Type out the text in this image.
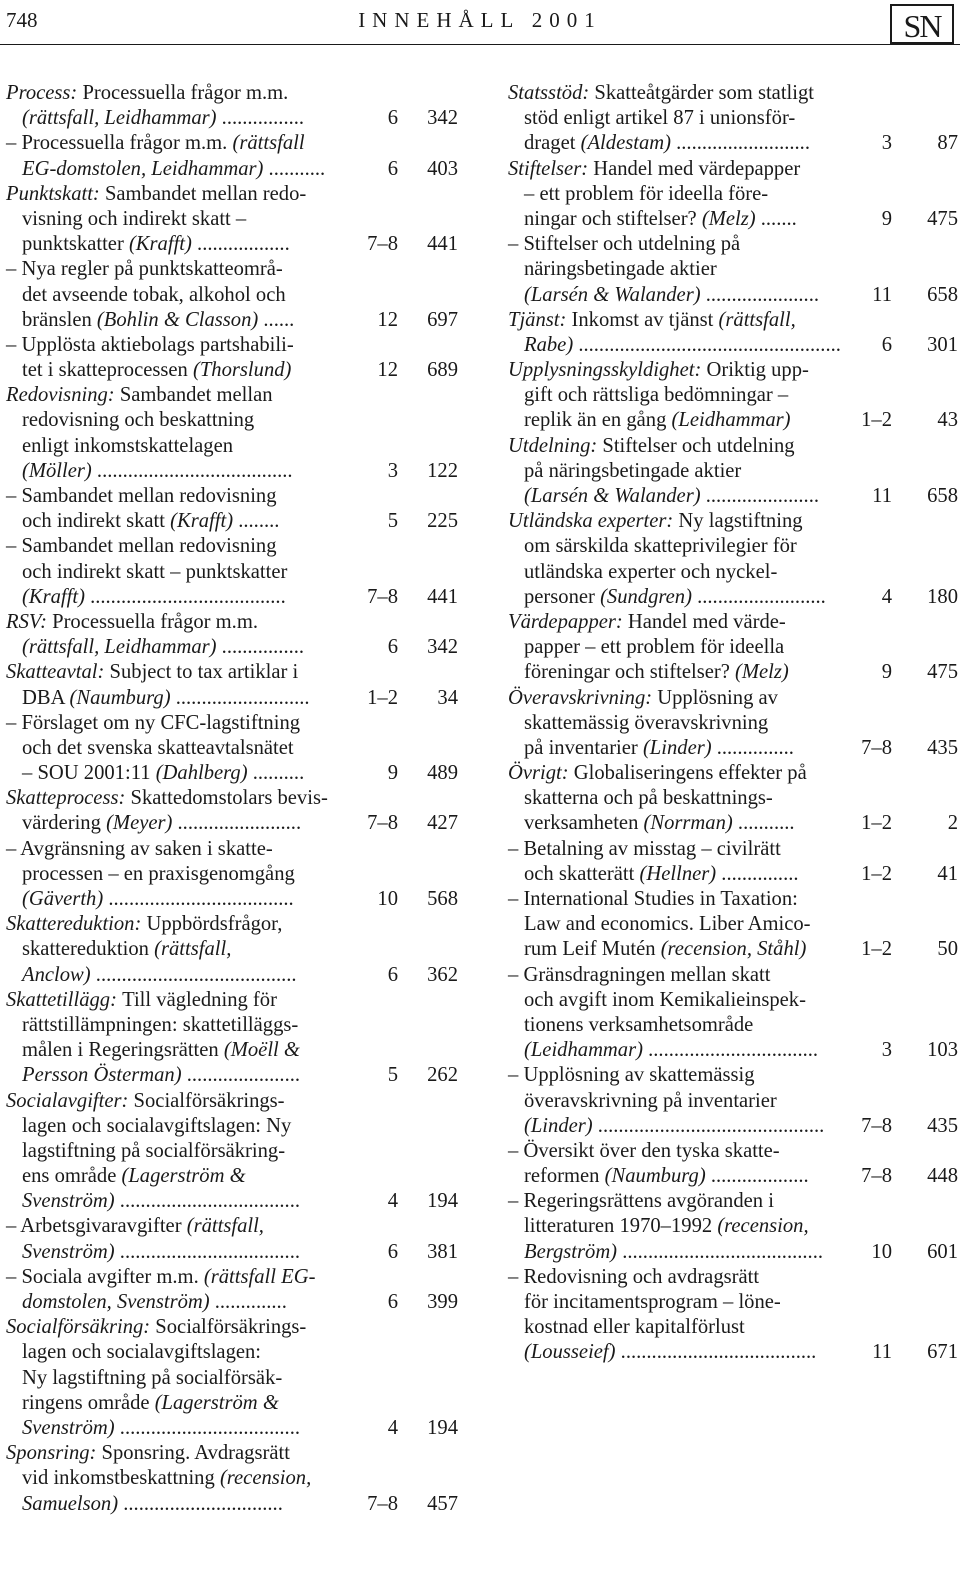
748	INNEHÅLL 2001	SN
Process: Processuella frågor m.m.
(rättsfall, Leidhammar) ................	6 342
– Processuella frågor m.m. (rättsfall
EG-domstolen, Leidhammar) ...........	6 403
Punktskatt: Sambandet mellan redo-
visning och indirekt skatt –
punktskatter (Krafft) ..................	7–8 441
– Nya regler på punktskatteområ-
det avseende tobak, alkohol och
bränslen (Bohlin & Classon) ......	12 697
– Upplösta aktiebolags partshabili-
tet i skatteprocessen (Thorslund)	12 689
Redovisning: Sambandet mellan
redovisning och beskattning
enligt inkomstskattelagen
(Möller) ......................................	3 122
– Sambandet mellan redovisning
och indirekt skatt (Krafft) ........	5 225
– Sambandet mellan redovisning
och indirekt skatt – punktskatter
(Krafft) ......................................	7–8 441
RSV: Processuella frågor m.m.
(rättsfall, Leidhammar) ................	6 342
Skatteavtal: Subject to tax artiklar i
DBA (Naumburg) ..........................	1–2 34
– Förslaget om ny CFC-lagstiftning
och det svenska skatteavtalsnätet
– SOU 2001:11 (Dahlberg) ..........	9 489
Skatteprocess: Skattedomstolars bevis-
värdering (Meyer) ........................	7–8 427
– Avgränsning av saken i skatte-
processen – en praxisgenomgång
(Gäverth) ....................................	10 568
Skattereduktion: Uppbördsfrågor,
skattereduktion (rättsfall,
Anclow) .......................................	6 362
Skattetillägg: Till vägledning för
rättstillämpningen: skattetilläggs-
målen i Regeringsrätten (Moëll &
Persson Österman) ......................	5 262
Socialavgifter: Socialförsäkrings-
lagen och socialavgiftslagen: Ny
lagstiftning på socialförsäkring-
ens område (Lagerström &
Svenström) ...................................	4 194
– Arbetsgivaravgifter (rättsfall,
Svenström) ...................................	6 381
– Sociala avgifter m.m. (rättsfall EG-
domstolen, Svenström) ..............	6 399
Socialförsäkring: Socialförsäkrings-
lagen och socialavgiftslagen:
Ny lagstiftning på socialförsäk-
ringens område (Lagerström &
Svenström) ...................................	4 194
Sponsring: Sponsring. Avdragsrätt
vid inkomstbeskattning (recension,
Samuelson) ...............................	7–8 457
Statsstöd: Skatteåtgärder som statligt
stöd enligt artikel 87 i unionsför-
draget (Aldestam) ..........................	3 87
Stiftelser: Handel med värdepapper
– ett problem för ideella före-
ningar och stiftelser? (Melz) .......	9 475
– Stiftelser och utdelning på
näringsbetingade aktier
(Larsén & Walander) ......................	11 658
Tjänst: Inkomst av tjänst (rättsfall,
Rabe) ................................................... 6 301
Upplysningsskyldighet: Oriktig upp-
gift och rättsliga bedömningar –
replik än en gång (Leidhammar)	1–2 43
Utdelning: Stiftelser och utdelning
på näringsbetingade aktier
(Larsén & Walander) ......................	11 658
Utländska experter: Ny lagstiftning
om särskilda skatteprivilegier för
utländska experter och nyckel-
personer (Sundgren) .........................	4 180
Värdepapper: Handel med värde-
papper – ett problem för ideella
föreningar och stiftelser? (Melz)	9 475
Överavskrivning: Upplösning av
skattemässig överavskrivning
på inventarier (Linder) ...............	7–8 435
Övrigt: Globaliseringens effekter på
skatterna och på beskattnings-
verksamheten (Norrman) ...........	1–2	2
– Betalning av misstag – civilrätt
och skatterätt (Hellner) ...............	1–2 41
– International Studies in Taxation:
Law and economics. Liber Amico-
rum Leif Mutén (recension, Ståhl)	1–2 50
– Gränsdragningen mellan skatt
och avgift inom Kemikalieinspek-
tionens verksamhetsområde
(Leidhammar) .................................	3 103
– Upplösning av skattemässig
överavskrivning på inventarier
(Linder) ............................................ 7–8 435
– Översikt över den tyska skatte-
reformen (Naumburg) ...................	7–8 448
– Regeringsrättens avgöranden i
litteraturen 1970–1992 (recension,
Bergström) ....................................... 10 601
– Redovisning och avdragsrätt
för incitamentsprogram – löne-
kostnad eller kapitalförlust
(Lousseief) ......................................	11 671
